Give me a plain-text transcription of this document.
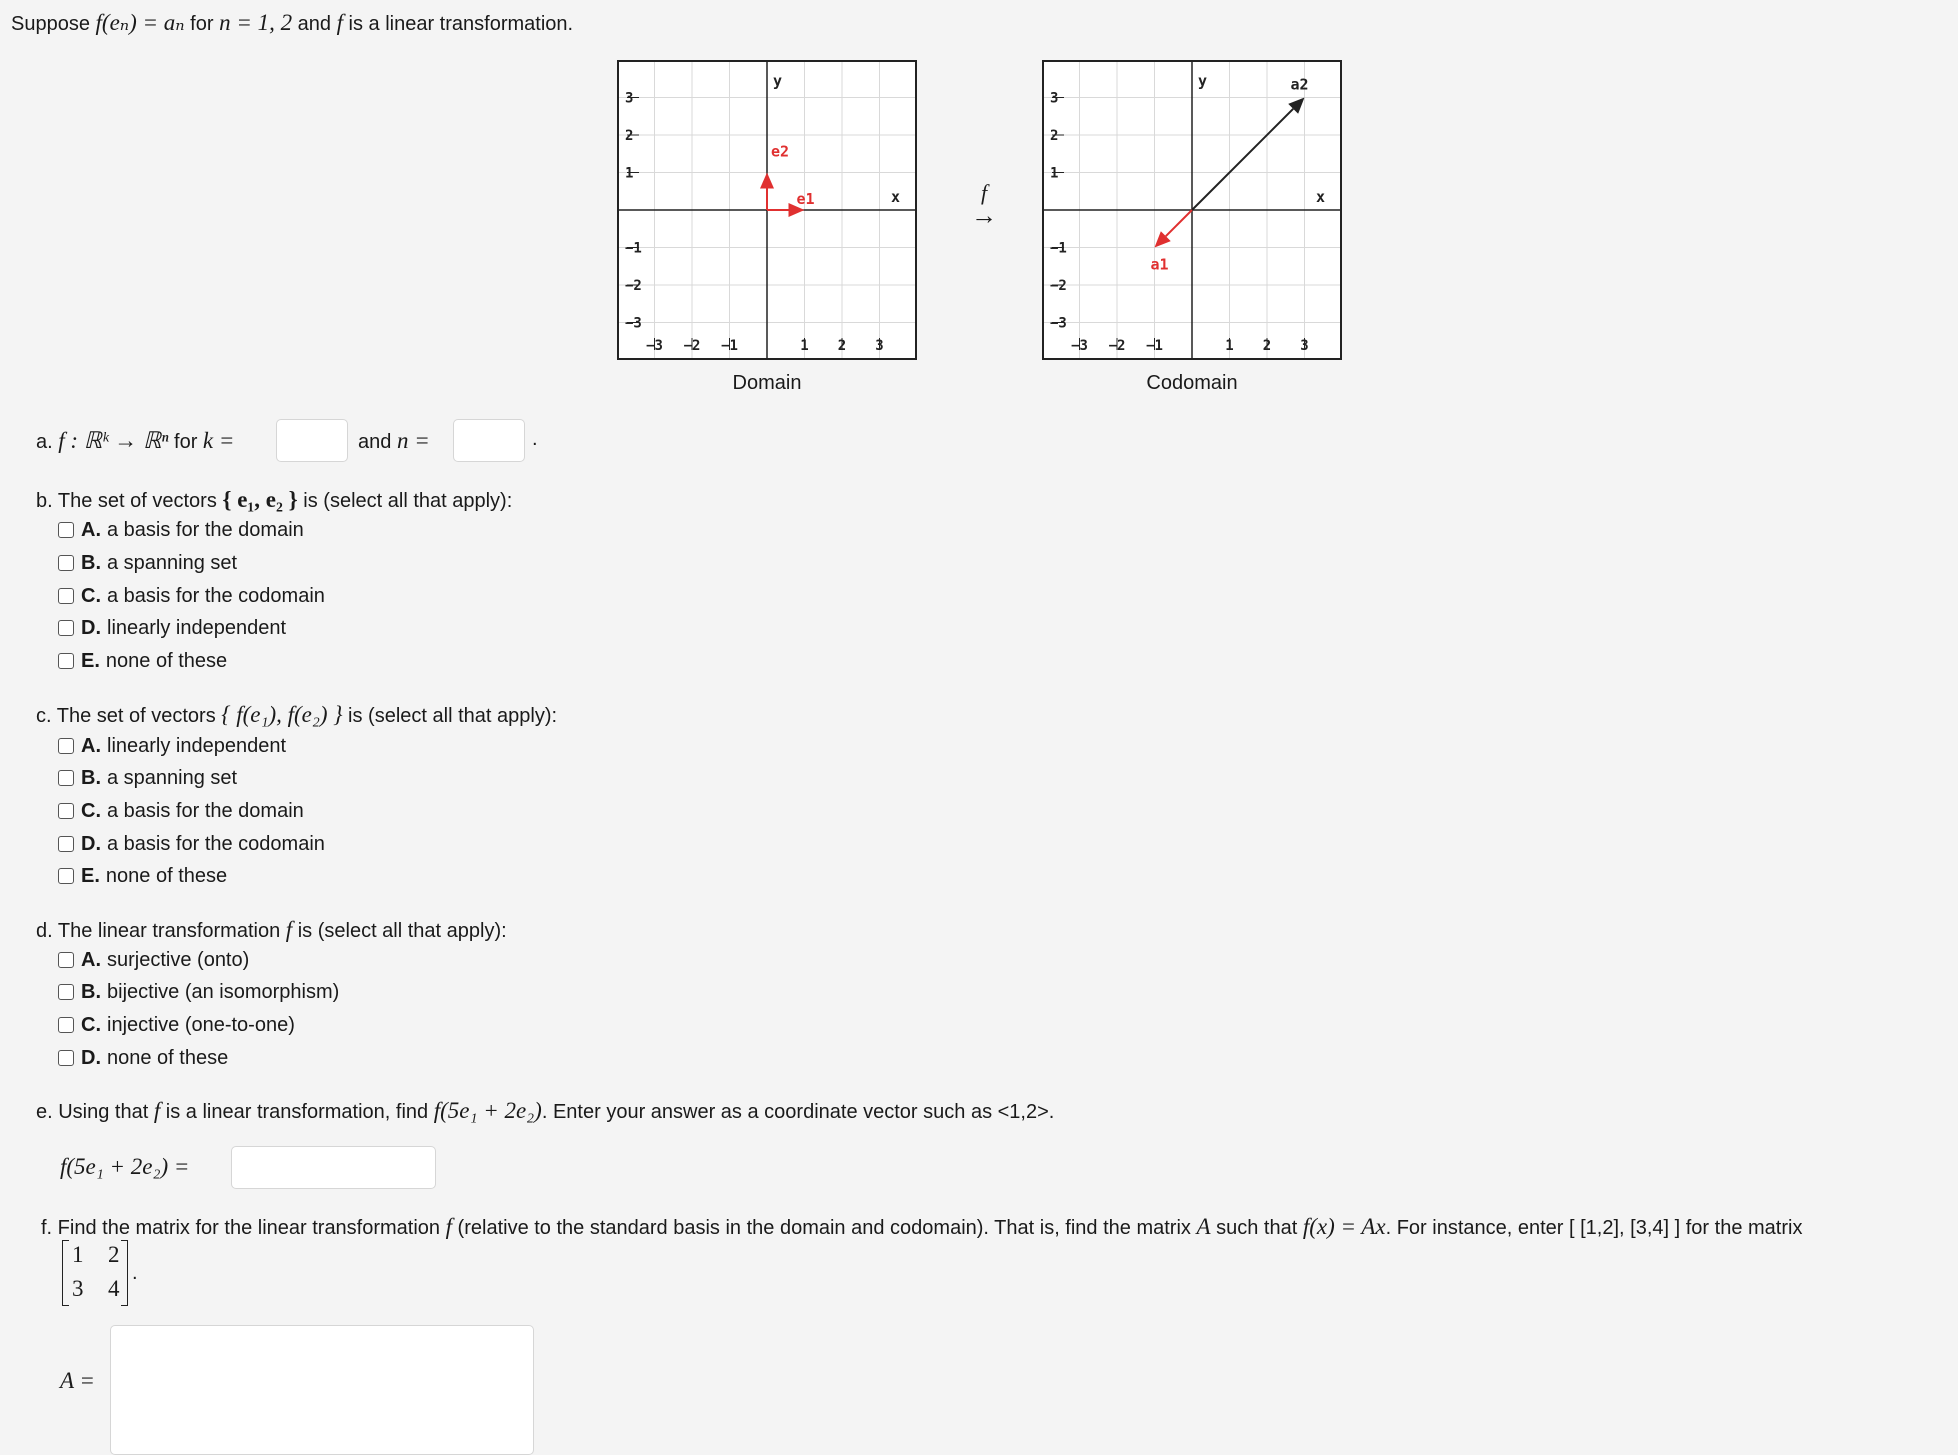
Suppose f(eₙ) = aₙ for n = 1, 2 and f is a linear transformation.
3
2
1
−1
−2
−3
−3 −2 −1	1 2 3
y
x
e1
e2
Domain
f
→
3
2
1
−1
−2
−3
−3 −2 −1	1 2 3
y
x
a1
a2
Codomain
a. f : ℝᵏ → ℝⁿ for k =	and n =	.
b. The set of vectors { e₁, e₂ } is (select all that apply):
A. a basis for the domain
B. a spanning set
C. a basis for the codomain
D. linearly independent
E. none of these
c. The set of vectors { f(e₁), f(e₂) } is (select all that apply):
A. linearly independent
B. a spanning set
C. a basis for the domain
D. a basis for the codomain
E. none of these
d. The linear transformation f is (select all that apply):
A. surjective (onto)
B. bijective (an isomorphism)
C. injective (one-to-one)
D. none of these
e. Using that f is a linear transformation, find f(5e₁ + 2e₂). Enter your answer as a coordinate vector such as <1,2>.
f(5e₁ + 2e₂) =
f. Find the matrix for the linear transformation f (relative to the standard basis in the domain and codomain). That is, find the matrix A such that f(x) = Ax. For instance, enter [ [1,2], [3,4] ] for the matrix
1 2
3 4
.
A =
